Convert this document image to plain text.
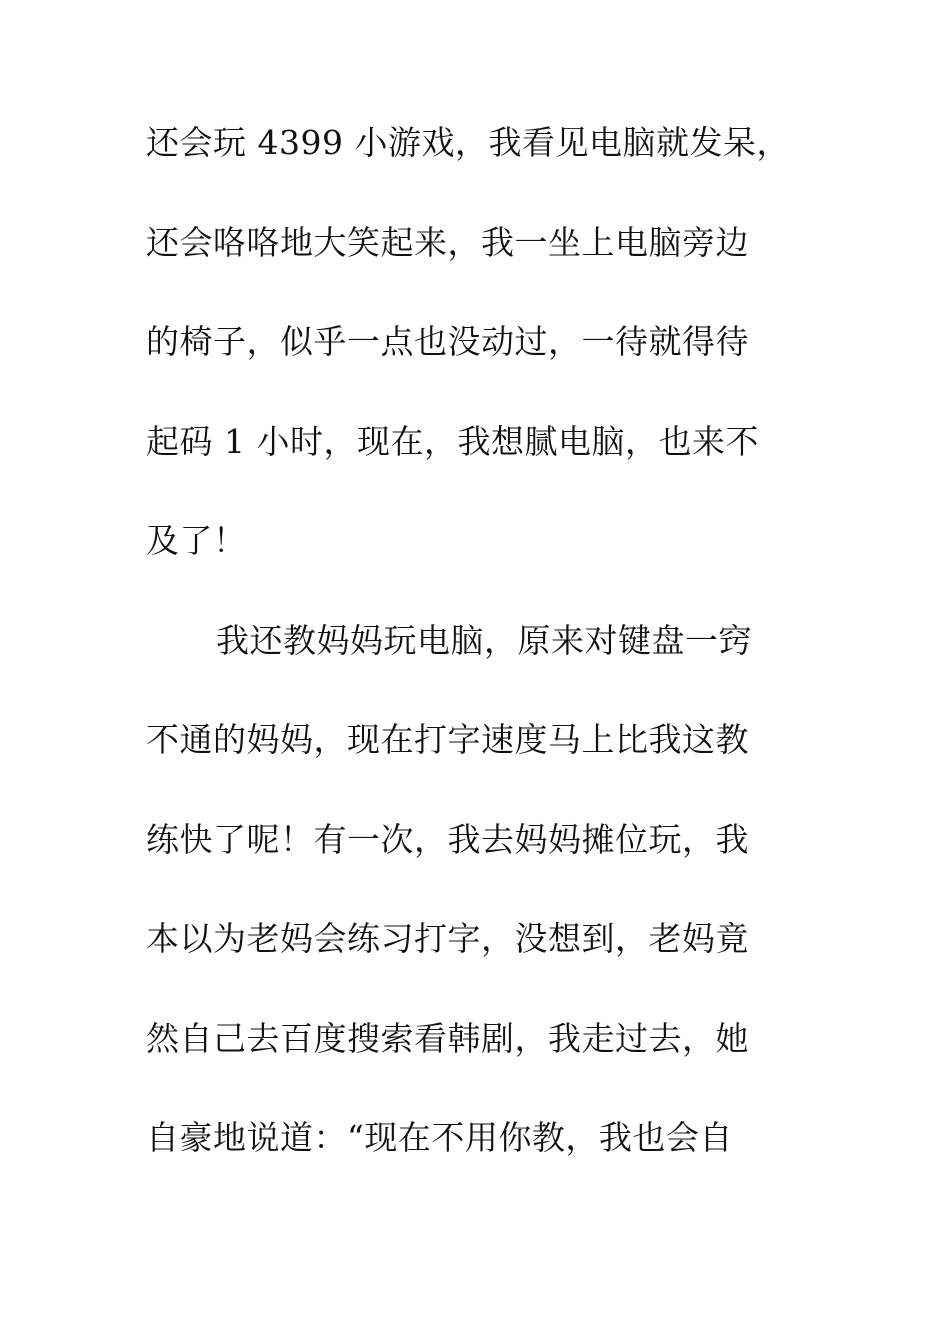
还会玩 4399 小游戏，我看见电脑就发呆，
还会咯咯地大笑起来，我一坐上电脑旁边
的椅子，似乎一点也没动过，一待就得待
起码 1 小时，现在，我想腻电脑，也来不
及了！
我还教妈妈玩电脑，原来对键盘一窍
不通的妈妈，现在打字速度马上比我这教
练快了呢！有一次，我去妈妈摊位玩，我
本以为老妈会练习打字，没想到，老妈竟
然自己去百度搜索看韩剧，我走过去，她
自豪地说道：“现在不用你教，我也会自
